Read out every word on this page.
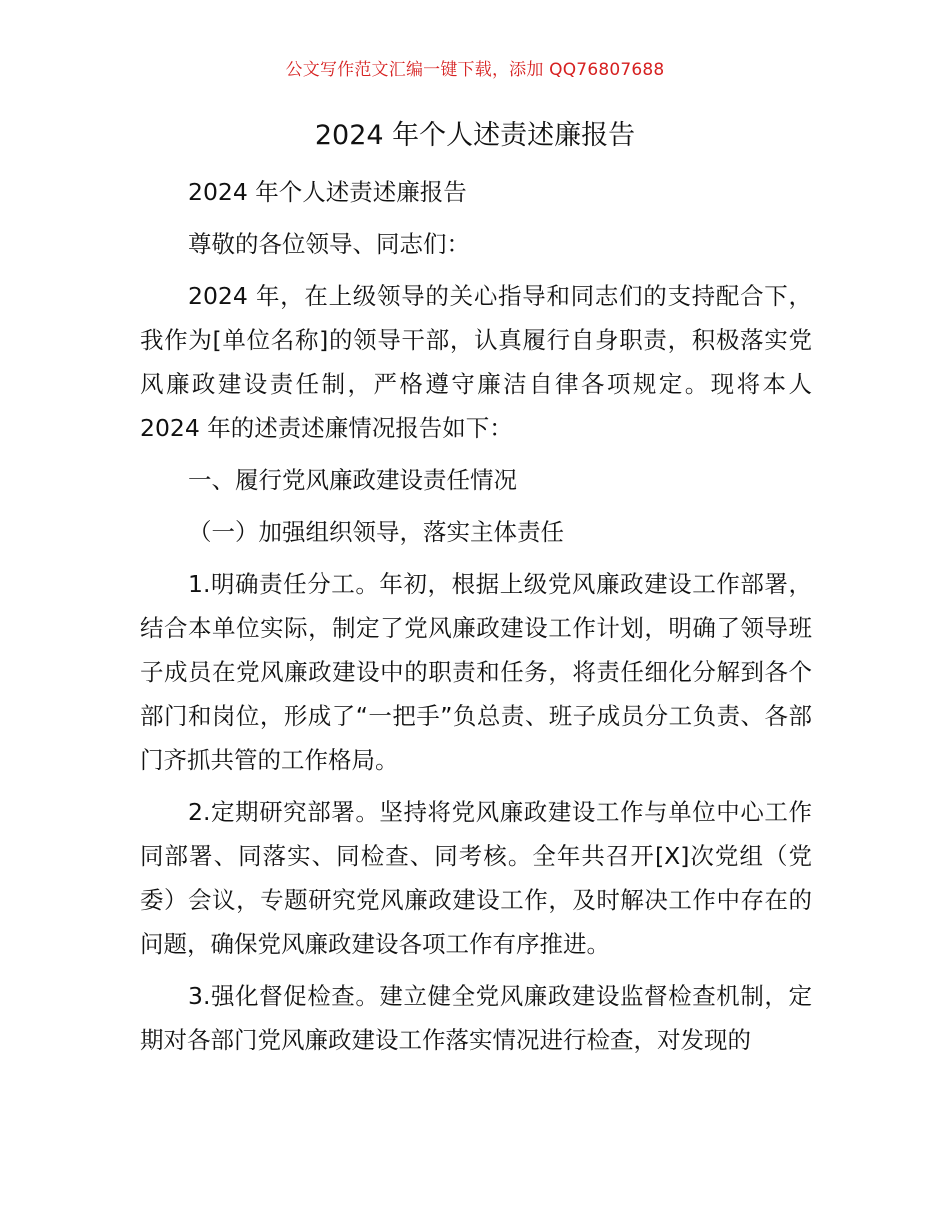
公文写作范文汇编一键下载，添加 QQ76807688
2024 年个人述责述廉报告

2024 年个人述责述廉报告

尊敬的各位领导、同志们：

2024 年，在上级领导的关心指导和同志们的支持配合下，我作为[单位名称]的领导干部，认真履行自身职责，积极落实党风廉政建设责任制，严格遵守廉洁自律各项规定。现将本人 2024 年的述责述廉情况报告如下：

一、履行党风廉政建设责任情况

（一）加强组织领导，落实主体责任

1.明确责任分工。年初，根据上级党风廉政建设工作部署，结合本单位实际，制定了党风廉政建设工作计划，明确了领导班子成员在党风廉政建设中的职责和任务，将责任细化分解到各个部门和岗位，形成了“一把手”负总责、班子成员分工负责、各部门齐抓共管的工作格局。

2.定期研究部署。坚持将党风廉政建设工作与单位中心工作同部署、同落实、同检查、同考核。全年共召开[X]次党组（党委）会议，专题研究党风廉政建设工作，及时解决工作中存在的问题，确保党风廉政建设各项工作有序推进。

3.强化督促检查。建立健全党风廉政建设监督检查机制，定期对各部门党风廉政建设工作落实情况进行检查，对发现的
